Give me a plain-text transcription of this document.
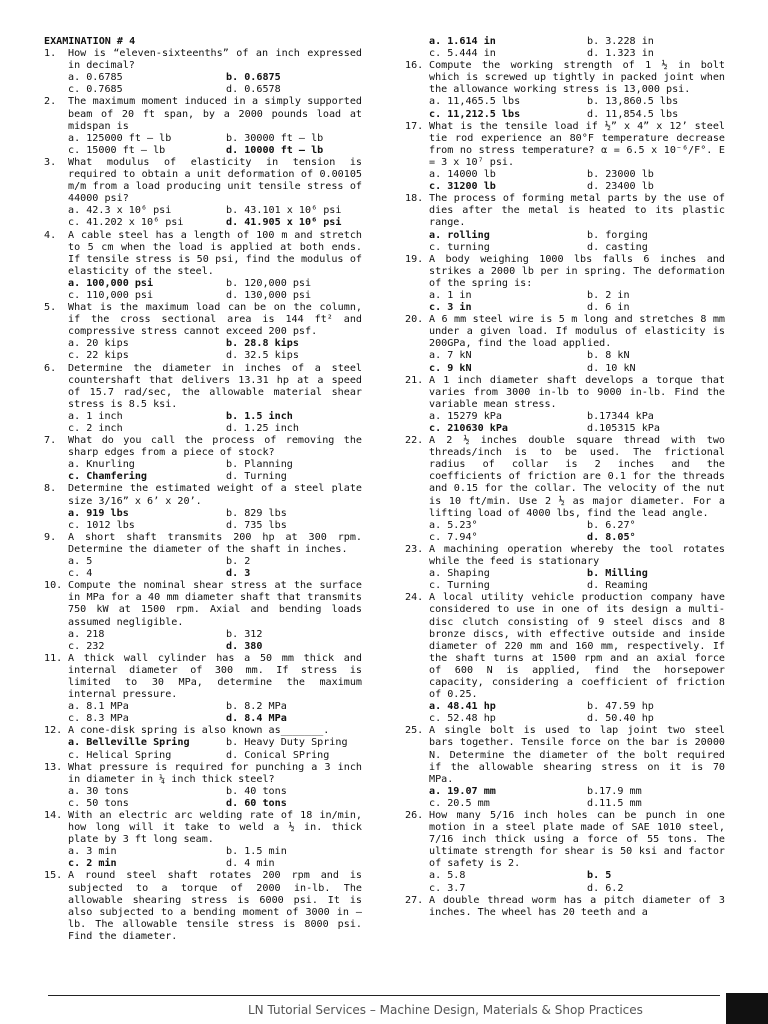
EXAMINATION # 4
1.	How is “eleven-sixteenths” of an inch expressed in decimal?
a. 0.6785	b. 0.6875
c. 0.7685	d. 0.6578
2.	The maximum moment induced in a simply supported beam of 20 ft span, by a 2000 pounds load at midspan is
a. 125000 ft – lb	b. 30000 ft – lb
c. 15000 ft – lb	d. 10000 ft – lb
3.	What modulus of elasticity in tension is required to obtain a unit deformation of 0.00105 m/m from a load producing unit tensile stress of 44000 psi?
a. 42.3 x 10⁶ psi	b. 43.101 x 10⁶ psi
c. 41.202 x 10⁶ psi	d. 41.905 x 10⁶ psi
4.	A cable steel has a length of 100 m and stretch to 5 cm when the load is applied at both ends. If tensile stress is 50 psi, find the modulus of elasticity of the steel.
a. 100,000 psi	b. 120,000 psi
c. 110,000 psi	d. 130,000 psi
5.	What is the maximum load can be on the column, if the cross sectional area is 144 ft² and compressive stress cannot exceed 200 psf.
a. 20 kips	b. 28.8 kips
c. 22 kips	d. 32.5 kips
6.	Determine the diameter in inches of a steel countershaft that delivers 13.31 hp at a speed of 15.7 rad/sec, the allowable material shear stress is 8.5 ksi.
a. 1 inch	b. 1.5 inch
c. 2 inch	d. 1.25 inch
7.	What do you call the process of removing the sharp edges from a piece of stock?
a. Knurling	b. Planning
c. Chamfering	d. Turning
8.	Determine the estimated weight of a steel plate size 3/16” x 6’ x 20’.
a. 919 lbs	b. 829 lbs
c. 1012 lbs	d. 735 lbs
9.	A short shaft transmits 200 hp at 300 rpm. Determine the diameter of the shaft in inches.
a. 5	b. 2
c. 4	d. 3
10. Compute the nominal shear stress at the surface in MPa for a 40 mm diameter shaft that transmits 750 kW at 1500 rpm. Axial and bending loads assumed negligible.
a. 218	b. 312
c. 232	d. 380
11. A thick wall cylinder has a 50 mm thick and internal diameter of 300 mm. If stress is limited to 30 MPa, determine the maximum internal pressure.
a. 8.1 MPa	b. 8.2 MPa
c. 8.3 MPa	d. 8.4 MPa
12. A cone-disk spring is also known as_______.
a. Belleville Spring	b. Heavy Duty Spring
c. Helical Spring	d. Conical SPring
13. What pressure is required for punching a 3 inch in diameter in ¼ inch thick steel?
a. 30 tons	b. 40 tons
c. 50 tons	d. 60 tons
14. With an electric arc welding rate of 18 in/min, how long will it take to weld a ½ in. thick plate by 3 ft long seam.
a. 3 min	b. 1.5 min
c. 2 min	d. 4 min
15. A round steel shaft rotates 200 rpm and is subjected to a torque of 2000 in-lb. The allowable shearing stress is 6000 psi. It is also subjected to a bending moment of 3000 in – lb. The allowable tensile stress is 8000 psi. Find the diameter.
a. 1.614 in	b. 3.228 in
c. 5.444 in	d. 1.323 in
16. Compute the working strength of 1 ½ in bolt which is screwed up tightly in packed joint when the allowance working stress is 13,000 psi.
a. 11,465.5 lbs	b. 13,860.5 lbs
c. 11,212.5 lbs	d. 11,854.5 lbs
17. What is the tensile load if ½” x 4” x 12’ steel tie rod experience an 80°F temperature decrease from no stress temperature? α = 6.5 x 10⁻⁶/F°. E = 3 x 10⁷ psi.
a. 14000 lb	b. 23000 lb
c. 31200 lb	d. 23400 lb
18. The process of forming metal parts by the use of dies after the metal is heated to its plastic range.
a. rolling	b. forging
c. turning	d. casting
19. A body weighing 1000 lbs falls 6 inches and strikes a 2000 lb per in spring. The deformation of the spring is:
a. 1 in	b. 2 in
c. 3 in	d. 6 in
20. A 6 mm steel wire is 5 m long and stretches 8 mm under a given load. If modulus of elasticity is 200GPa, find the load applied.
a. 7 kN	b. 8 kN
c. 9 kN	d. 10 kN
21. A 1 inch diameter shaft develops a torque that varies from 3000 in-lb to 9000 in-lb. Find the variable mean stress.
a. 15279 kPa	b.17344 kPa
c. 210630 kPa	d.105315 kPa
22. A 2 ½ inches double square thread with two threads/inch is to be used. The frictional radius of collar is 2 inches and the coefficients of friction are 0.1 for the threads and 0.15 for the collar. The velocity of the nut is 10 ft/min. Use 2 ½ as major diameter. For a lifting load of 4000 lbs, find the lead angle.
a. 5.23°	b. 6.27°
c. 7.94°	d. 8.05°
23. A machining operation whereby the tool rotates while the feed is stationary
a. Shaping	b. Milling
c. Turning	d. Reaming
24. A local utility vehicle production company have considered to use in one of its design a multi-disc clutch consisting of 9 steel discs and 8 bronze discs, with effective outside and inside diameter of 220 mm and 160 mm, respectively. If the shaft turns at 1500 rpm and an axial force of 600 N is applied, find the horsepower capacity, considering a coefficient of friction of 0.25.
a. 48.41 hp	b. 47.59 hp
c. 52.48 hp	d. 50.40 hp
25. A single bolt is used to lap joint two steel bars together. Tensile force on the bar is 20000 N. Determine the diameter of the bolt required if the allowable shearing stress on it is 70 MPa.
a. 19.07 mm	b.17.9 mm
c. 20.5 mm	d.11.5 mm
26. How many 5/16 inch holes can be punch in one motion in a steel plate made of SAE 1010 steel, 7/16 inch thick using a force of 55 tons. The ultimate strength for shear is 50 ksi and factor of safety is 2.
a. 5.8	b. 5
c. 3.7	d. 6.2
27. A double thread worm has a pitch diameter of 3 inches. The wheel has 20 teeth and a
LN Tutorial Services – Machine Design, Materials & Shop Practices
